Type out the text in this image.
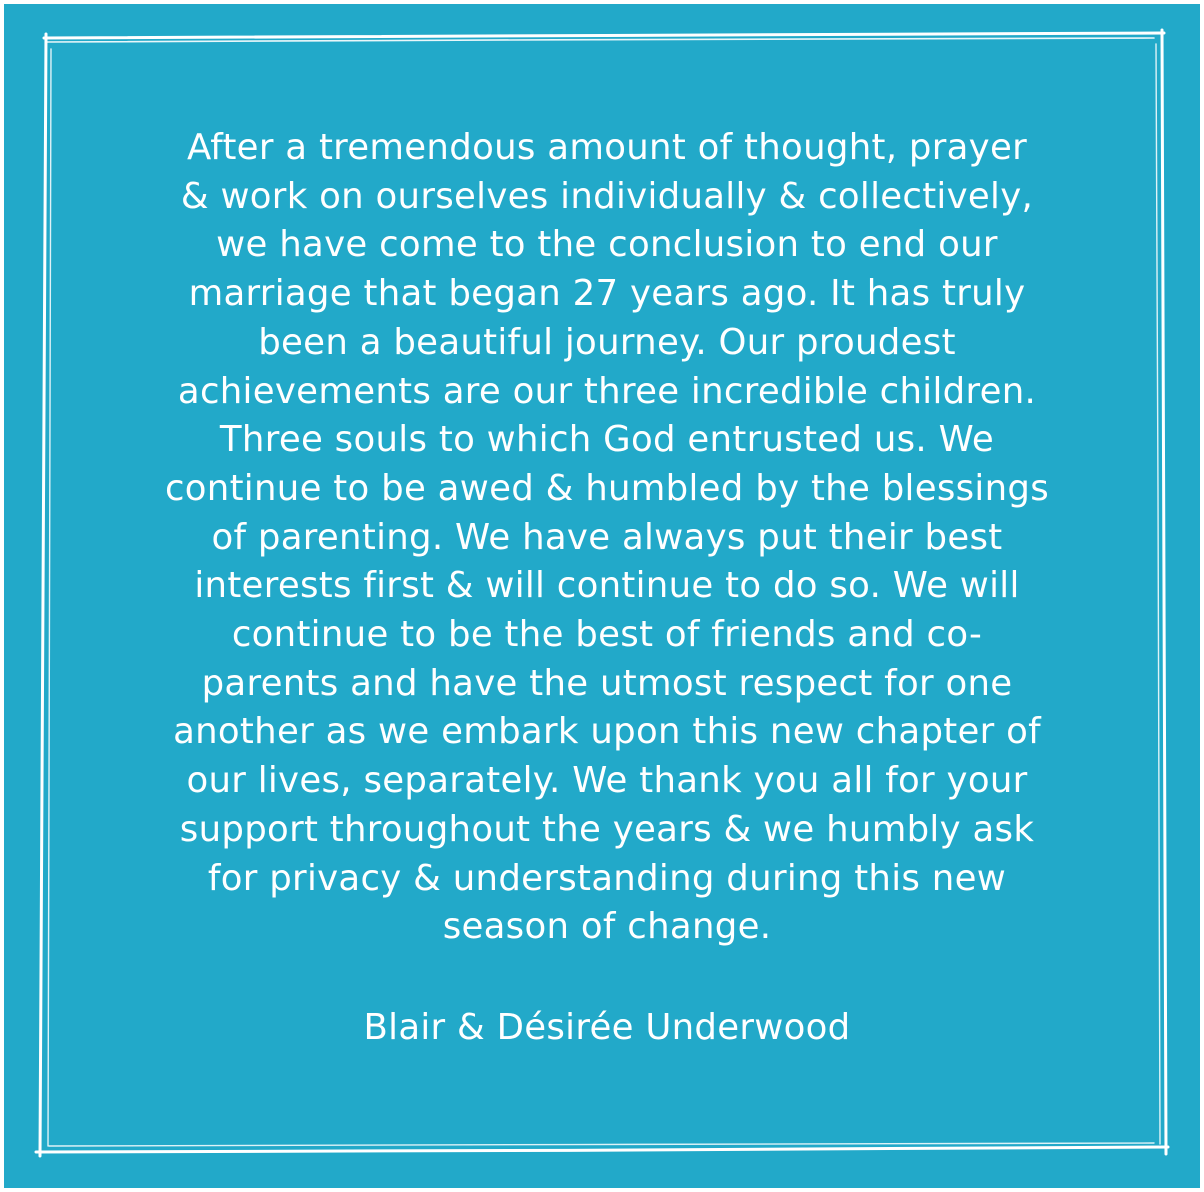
After a tremendous amount of thought, prayer
& work on ourselves individually & collectively,
we have come to the conclusion to end our
marriage that began 27 years ago. It has truly
been a beautiful journey. Our proudest
achievements are our three incredible children.
Three souls to which God entrusted us. We
continue to be awed & humbled by the blessings
of parenting. We have always put their best
interests first & will continue to do so. We will
continue to be the best of friends and co-
parents and have the utmost respect for one
another as we embark upon this new chapter of
our lives, separately. We thank you all for your
support throughout the years & we humbly ask
for privacy & understanding during this new
season of change.
Blair & Désirée Underwood
